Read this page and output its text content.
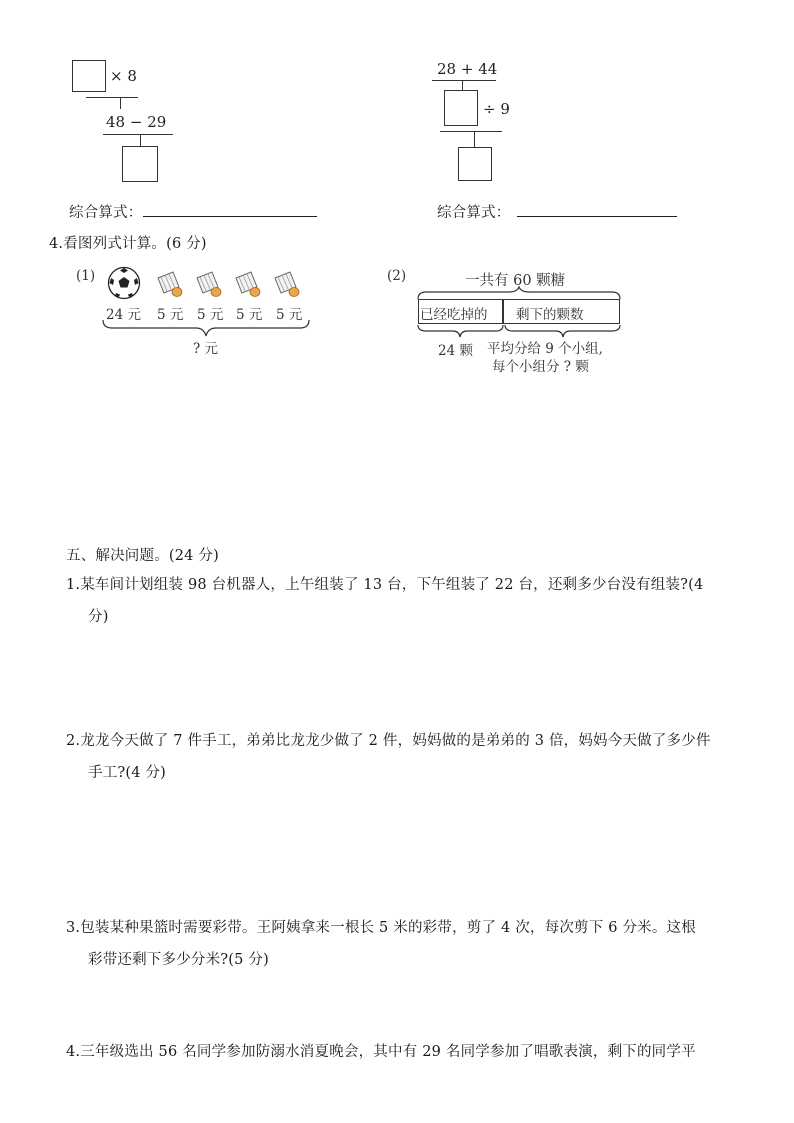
× 8
48 − 29
28 + 44
÷ 9
综合算式：	综合算式：
4.看图列式计算。(6 分)
(1)
24 元 5 元 5 元 5 元 5 元
? 元
(2)	一共有 60 颗糖
已经吃掉的 剩下的颗数
24 颗 平均分给 9 个小组,
每个小组分 ? 颗
五、解决问题。(24 分)
1.某车间计划组装 98 台机器人，上午组装了 13 台，下午组装了 22 台，还剩多少台没有组装?(4
分)
2.龙龙今天做了 7 件手工，弟弟比龙龙少做了 2 件，妈妈做的是弟弟的 3 倍，妈妈今天做了多少件
手工?(4 分)
3.包装某种果篮时需要彩带。王阿姨拿来一根长 5 米的彩带，剪了 4 次，每次剪下 6 分米。这根
彩带还剩下多少分米?(5 分)
4.三年级选出 56 名同学参加防溺水消夏晚会，其中有 29 名同学参加了唱歌表演，剩下的同学平
